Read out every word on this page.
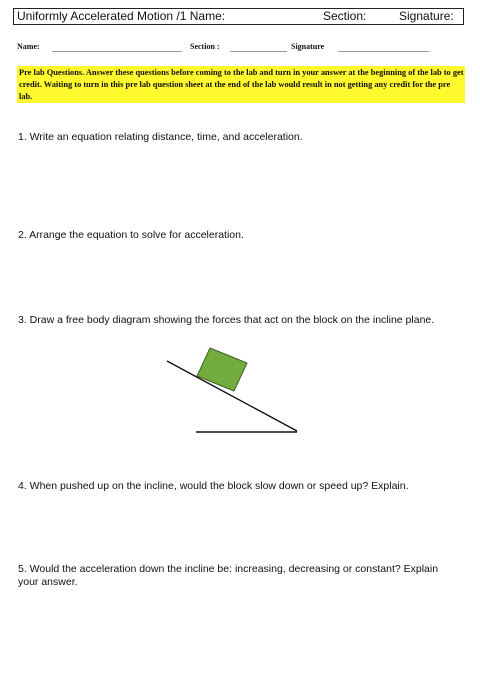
Uniformly Accelerated Motion /1 Name:	Section:	Signature:
Name:	Section :	Signature
Pre lab Questions. Answer these questions before coming to the lab and turn in your answer at the beginning of the lab to get credit. Waiting to turn in this pre lab question sheet at the end of the lab would result in not getting any credit for the pre lab.
1. Write an equation relating distance, time, and acceleration.
2. Arrange the equation to solve for acceleration.
3. Draw a free body diagram showing the forces that act on the block on the incline plane.
4. When pushed up on the incline, would the block slow down or speed up? Explain.
5. Would the acceleration down the incline be: increasing, decreasing or constant? Explain your answer.
